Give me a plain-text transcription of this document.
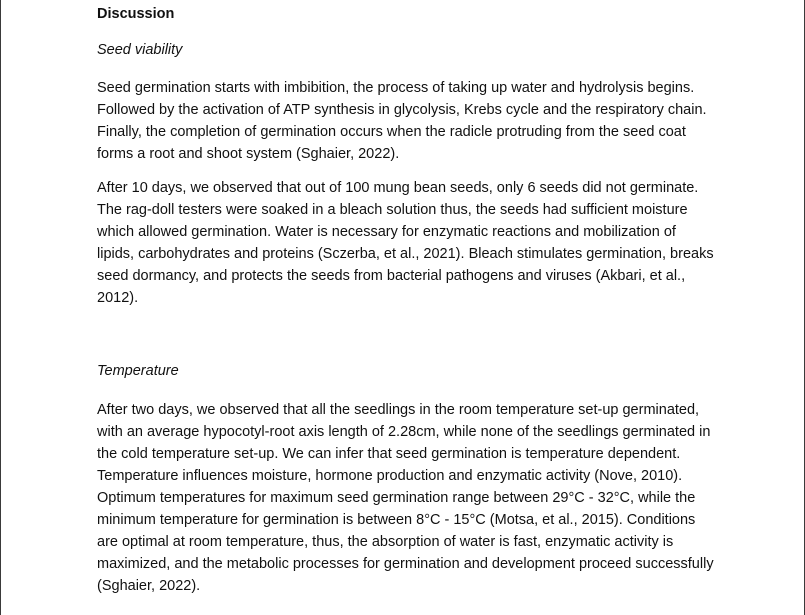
Discussion

Seed viability

Seed germination starts with imbibition, the process of taking up water and hydrolysis begins. Followed by the activation of ATP synthesis in glycolysis, Krebs cycle and the respiratory chain. Finally, the completion of germination occurs when the radicle protruding from the seed coat forms a root and shoot system (Sghaier, 2022).

After 10 days, we observed that out of 100 mung bean seeds, only 6 seeds did not germinate. The rag-doll testers were soaked in a bleach solution thus, the seeds had sufficient moisture which allowed germination. Water is necessary for enzymatic reactions and mobilization of lipids, carbohydrates and proteins (Sczerba, et al., 2021). Bleach stimulates germination, breaks seed dormancy, and protects the seeds from bacterial pathogens and viruses (Akbari, et al., 2012).

Temperature

After two days, we observed that all the seedlings in the room temperature set-up germinated, with an average hypocotyl-root axis length of 2.28cm, while none of the seedlings germinated in the cold temperature set-up. We can infer that seed germination is temperature dependent. Temperature influences moisture, hormone production and enzymatic activity (Nove, 2010). Optimum temperatures for maximum seed germination range between 29°C - 32°C, while the minimum temperature for germination is between 8°C - 15°C (Motsa, et al., 2015). Conditions are optimal at room temperature, thus, the absorption of water is fast, enzymatic activity is maximized, and the metabolic processes for germination and development proceed successfully (Sghaier, 2022).
